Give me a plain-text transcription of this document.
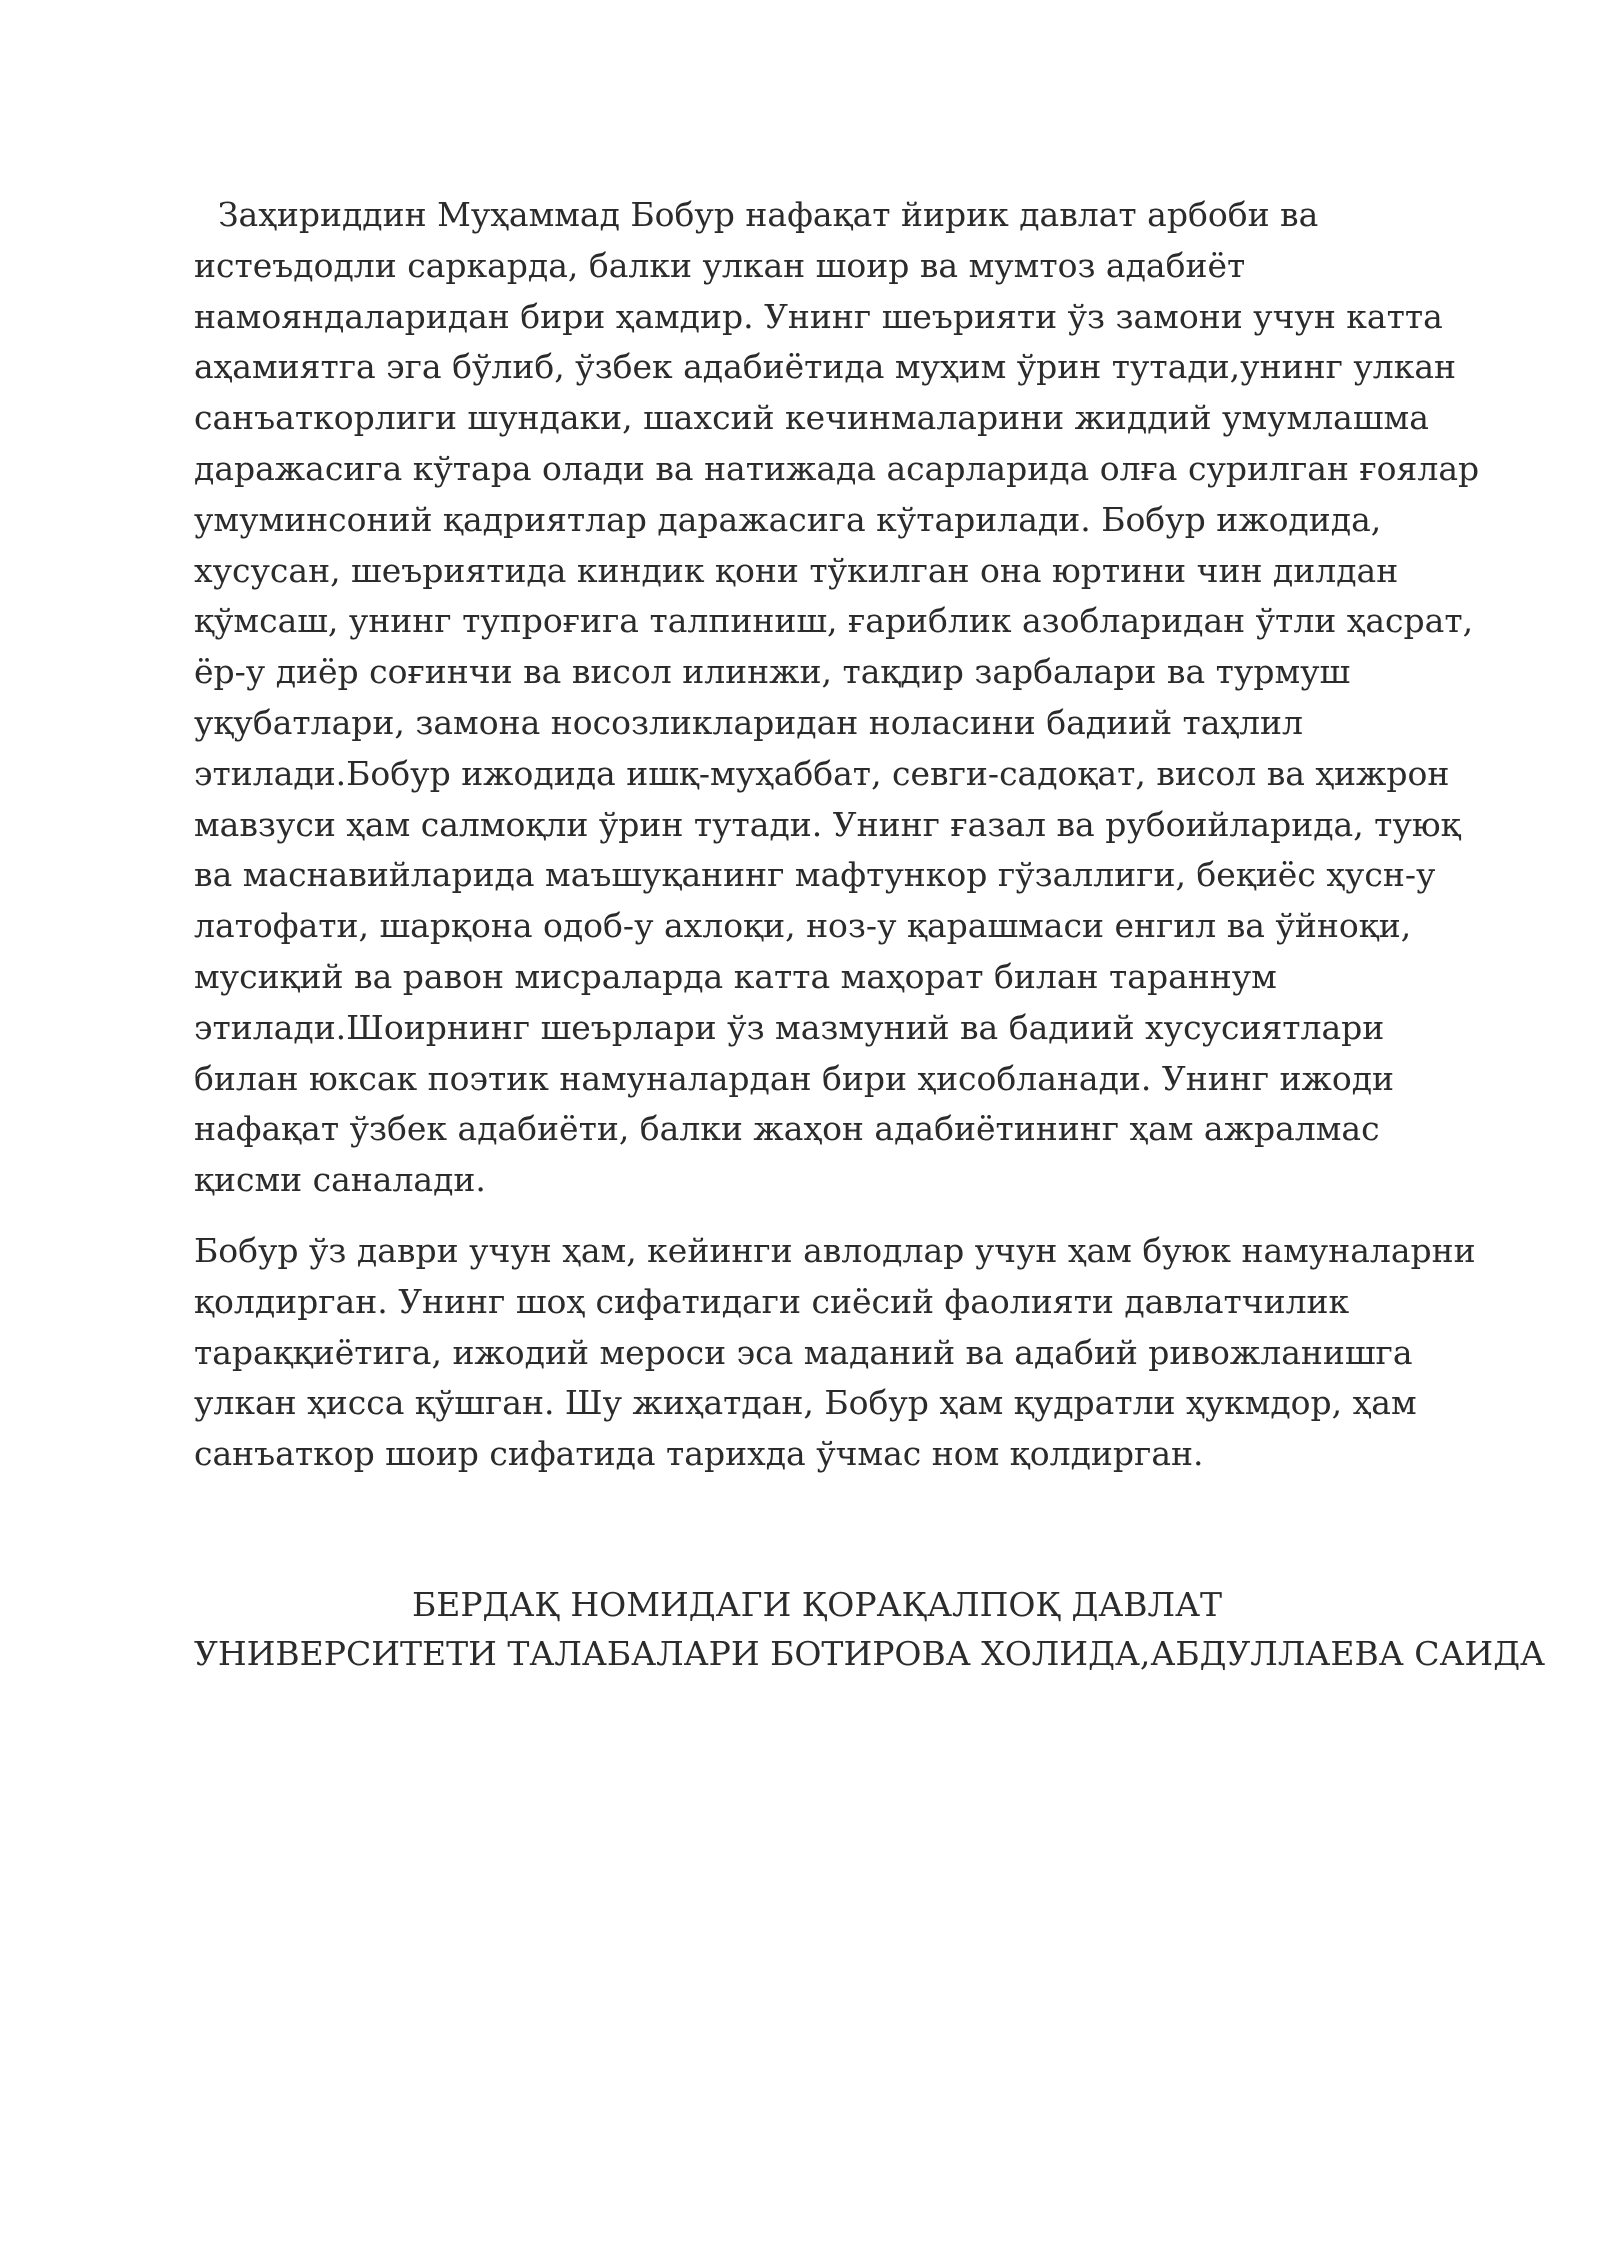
Заҳириддин Муҳаммад Бобур нафақат йирик давлат арбоби ва
истеъдодли саркарда, балки улкан шоир ва мумтоз адабиёт
намояндаларидан бири ҳамдир. Унинг шеърияти ўз замони учун катта
аҳамиятга эга бўлиб, ўзбек адабиётида муҳим ўрин тутади,унинг улкан
санъаткорлиги шундаки, шахсий кечинмаларини жиддий умумлашма
даражасига кўтара олади ва натижада асарларида олға сурилган ғоялар
умуминсоний қадриятлар даражасига кўтарилади. Бобур ижодида,
хусусан, шеъриятида киндик қони тўкилган она юртини чин дилдан
қўмсаш, унинг тупроғига талпиниш, ғариблик азобларидан ўтли ҳасрат,
ёр-у диёр соғинчи ва висол илинжи, тақдир зарбалари ва турмуш
уқубатлари, замона носозликларидан ноласини бадиий таҳлил
этилади.Бобур ижодида ишқ-муҳаббат, севги-садоқат, висол ва ҳижрон
мавзуси ҳам салмоқли ўрин тутади. Унинг ғазал ва рубоийларида, туюқ
ва маснавийларида маъшуқанинг мафтункор гўзаллиги, беқиёс ҳусн-у
латофати, шарқона одоб-у ахлоқи, ноз-у қарашмаси енгил ва ўйноқи,
мусиқий ва равон мисраларда катта маҳорат билан тараннум
этилади.Шоирнинг шеърлари ўз мазмуний ва бадиий хусусиятлари
билан юксак поэтик намуналардан бири ҳисобланади. Унинг ижоди
нафақат ўзбек адабиёти, балки жаҳон адабиётининг ҳам ажралмас
қисми саналади.

Бобур ўз даври учун ҳам, кейинги авлодлар учун ҳам буюк намуналарни
қолдирган. Унинг шоҳ сифатидаги сиёсий фаолияти давлатчилик
тараққиётига, ижодий мероси эса маданий ва адабий ривожланишга
улкан ҳисса қўшган. Шу жиҳатдан, Бобур ҳам қудратли ҳукмдор, ҳам
санъаткор шоир сифатида тарихда ўчмас ном қолдирган.

БЕРДАҚ НОМИДАГИ ҚОРАҚАЛПОҚ ДАВЛАТ
УНИВЕРСИТЕТИ ТАЛАБАЛАРИ БОТИРОВА ХОЛИДА,АБДУЛЛАЕВА САИДА
